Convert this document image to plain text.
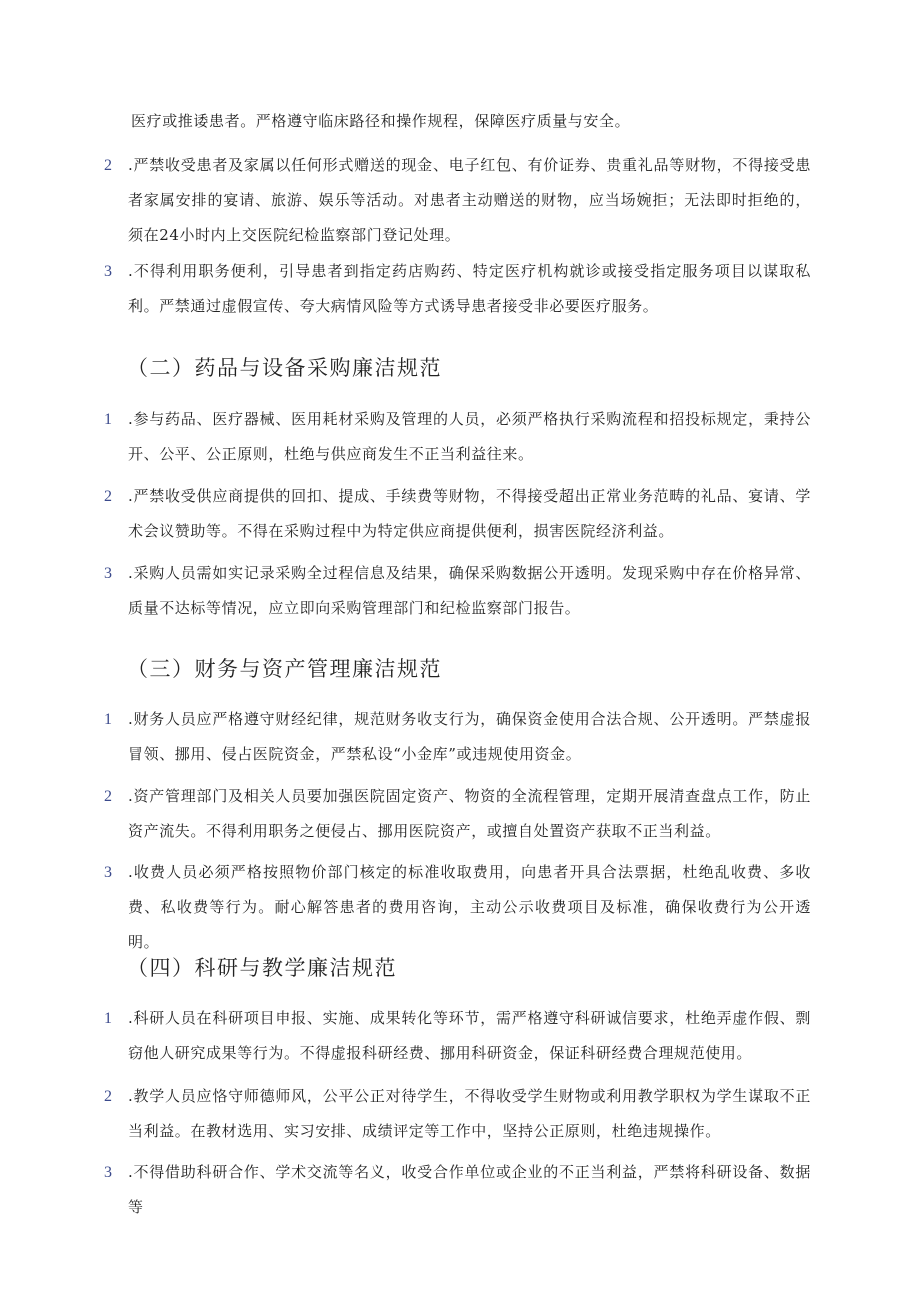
医疗或推诿患者。严格遵守临床路径和操作规程，保障医疗质量与安全。
2	.严禁收受患者及家属以任何形式赠送的现金、电子红包、有价证券、贵重礼品等财物，不得接受患者家属安排的宴请、旅游、娱乐等活动。对患者主动赠送的财物，应当场婉拒；无法即时拒绝的，须在24小时内上交医院纪检监察部门登记处理。
3	.不得利用职务便利，引导患者到指定药店购药、特定医疗机构就诊或接受指定服务项目以谋取私利。严禁通过虚假宣传、夸大病情风险等方式诱导患者接受非必要医疗服务。
（二）药品与设备采购廉洁规范
1	.参与药品、医疗器械、医用耗材采购及管理的人员，必须严格执行采购流程和招投标规定，秉持公开、公平、公正原则，杜绝与供应商发生不正当利益往来。
2	.严禁收受供应商提供的回扣、提成、手续费等财物，不得接受超出正常业务范畴的礼品、宴请、学术会议赞助等。不得在采购过程中为特定供应商提供便利，损害医院经济利益。
3	.采购人员需如实记录采购全过程信息及结果，确保采购数据公开透明。发现采购中存在价格异常、质量不达标等情况，应立即向采购管理部门和纪检监察部门报告。
（三）财务与资产管理廉洁规范
1	.财务人员应严格遵守财经纪律，规范财务收支行为，确保资金使用合法合规、公开透明。严禁虚报冒领、挪用、侵占医院资金，严禁私设“小金库”或违规使用资金。
2	.资产管理部门及相关人员要加强医院固定资产、物资的全流程管理，定期开展清查盘点工作，防止资产流失。不得利用职务之便侵占、挪用医院资产，或擅自处置资产获取不正当利益。
3	.收费人员必须严格按照物价部门核定的标准收取费用，向患者开具合法票据，杜绝乱收费、多收费、私收费等行为。耐心解答患者的费用咨询，主动公示收费项目及标准，确保收费行为公开透明。
（四）科研与教学廉洁规范
1	.科研人员在科研项目申报、实施、成果转化等环节，需严格遵守科研诚信要求，杜绝弄虚作假、剽窃他人研究成果等行为。不得虚报科研经费、挪用科研资金，保证科研经费合理规范使用。
2	.教学人员应恪守师德师风，公平公正对待学生，不得收受学生财物或利用教学职权为学生谋取不正当利益。在教材选用、实习安排、成绩评定等工作中，坚持公正原则，杜绝违规操作。
3	.不得借助科研合作、学术交流等名义，收受合作单位或企业的不正当利益，严禁将科研设备、数据等
